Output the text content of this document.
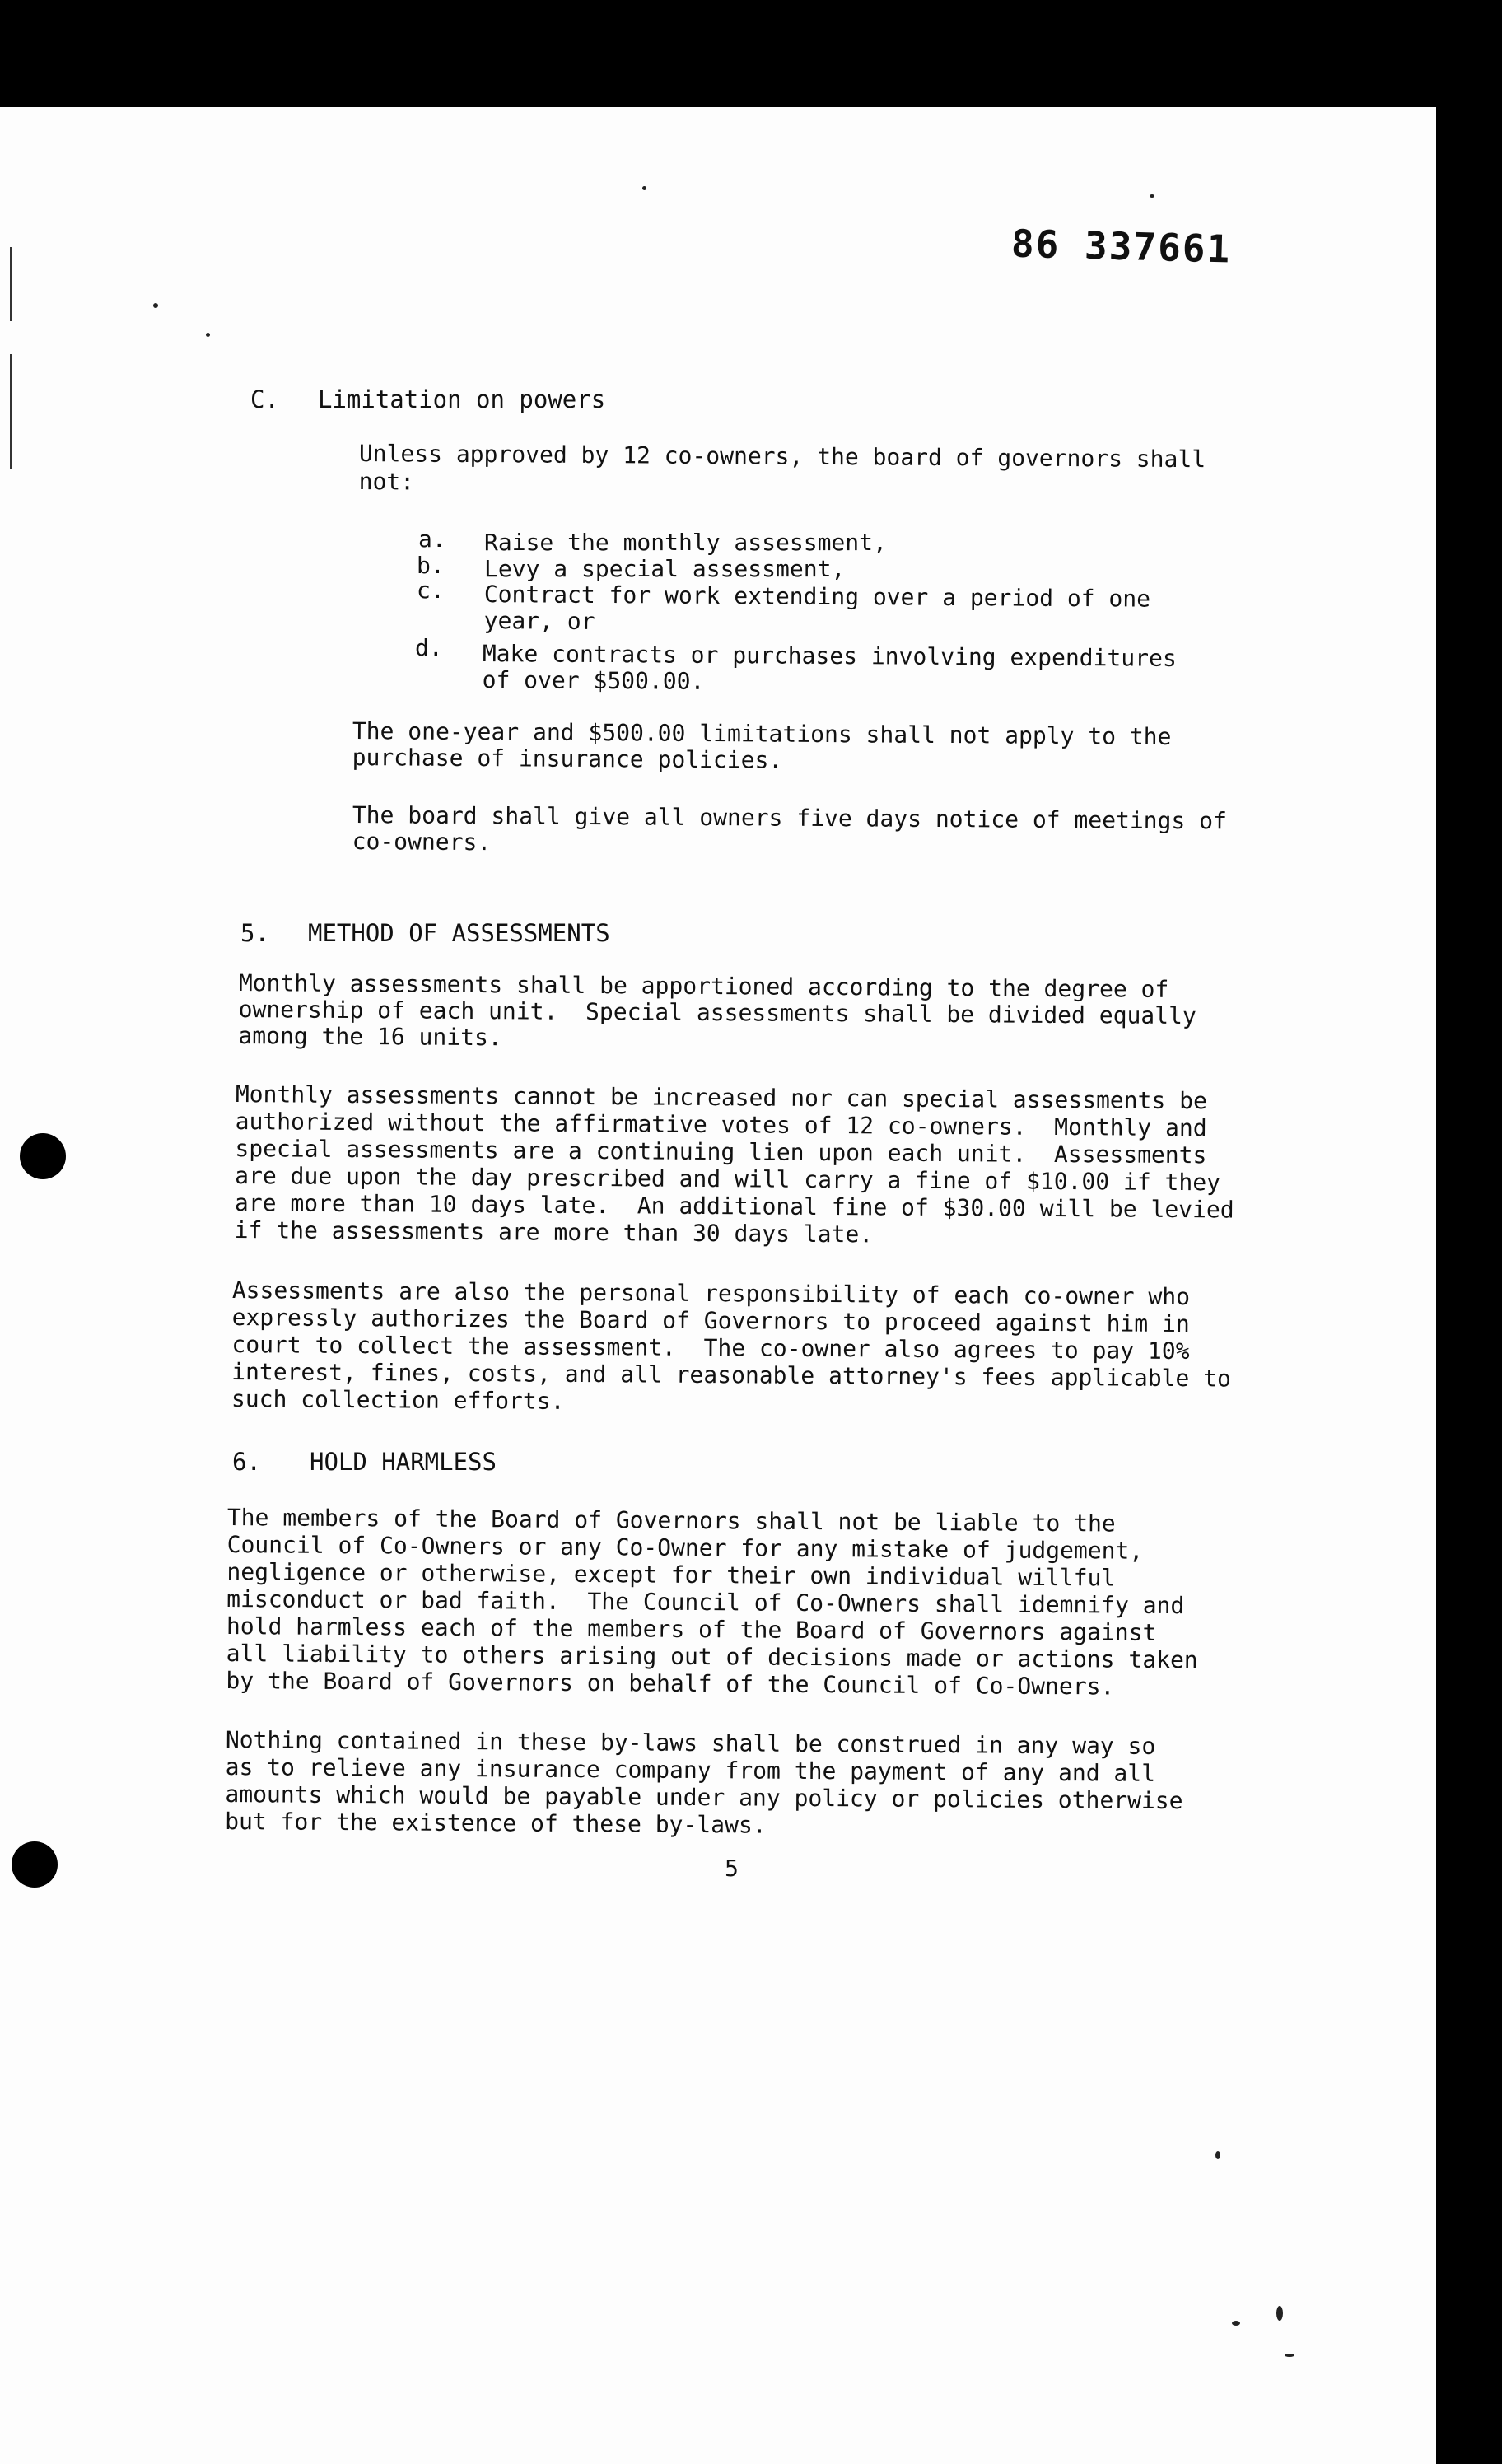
86 337661
C. Limitation on powers
Unless approved by 12 co-owners, the board of governors shall
not:
a. Raise the monthly assessment,
b. Levy a special assessment,
c. Contract for work extending over a period of one
year, or
d. Make contracts or purchases involving expenditures
of over $500.00.
The one-year and $500.00 limitations shall not apply to the
purchase of insurance policies.
The board shall give all owners five days notice of meetings of
co-owners.
5. METHOD OF ASSESSMENTS
Monthly assessments shall be apportioned according to the degree of
ownership of each unit.  Special assessments shall be divided equally
among the 16 units.
Monthly assessments cannot be increased nor can special assessments be
authorized without the affirmative votes of 12 co-owners.  Monthly and
special assessments are a continuing lien upon each unit.  Assessments
are due upon the day prescribed and will carry a fine of $10.00 if they
are more than 10 days late.  An additional fine of $30.00 will be levied
if the assessments are more than 30 days late.
Assessments are also the personal responsibility of each co-owner who
expressly authorizes the Board of Governors to proceed against him in
court to collect the assessment.  The co-owner also agrees to pay 10%
interest, fines, costs, and all reasonable attorney's fees applicable to
such collection efforts.
6. HOLD HARMLESS
The members of the Board of Governors shall not be liable to the
Council of Co-Owners or any Co-Owner for any mistake of judgement,
negligence or otherwise, except for their own individual willful
misconduct or bad faith.  The Council of Co-Owners shall idemnify and
hold harmless each of the members of the Board of Governors against
all liability to others arising out of decisions made or actions taken
by the Board of Governors on behalf of the Council of Co-Owners.
Nothing contained in these by-laws shall be construed in any way so
as to relieve any insurance company from the payment of any and all
amounts which would be payable under any policy or policies otherwise
but for the existence of these by-laws.
5
